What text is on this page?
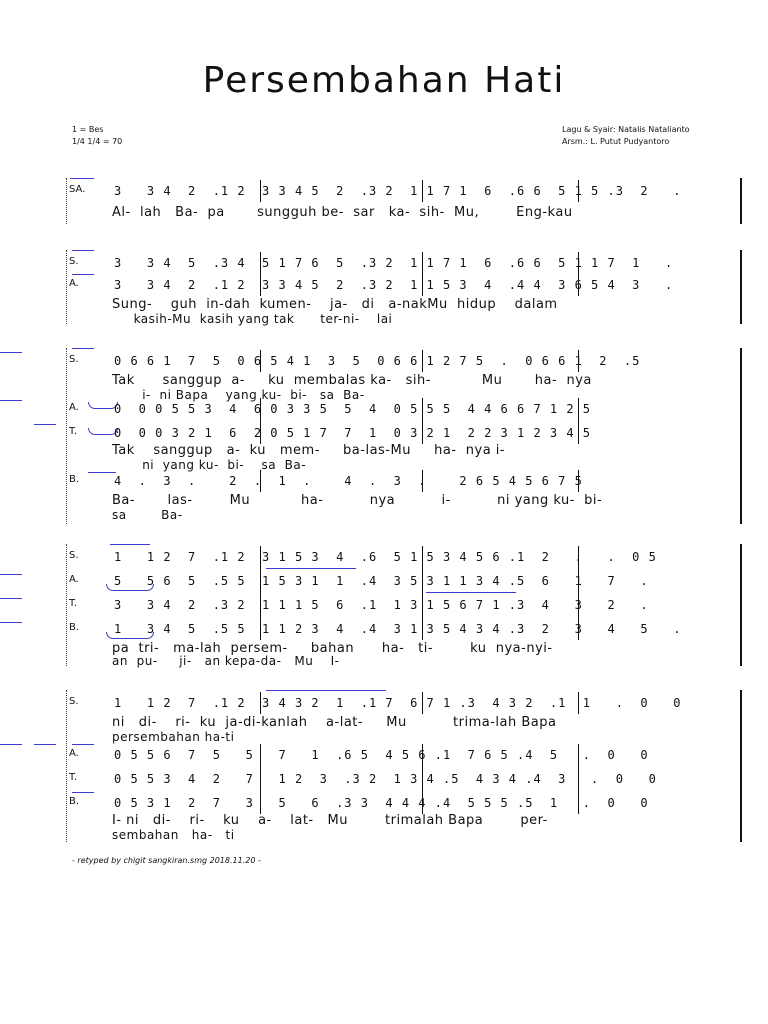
Persembahan Hati
1 = Bes
1/4 1/4 = 70
Lagu & Syair: Natalis Natalianto
Arsm.: L. Putut Pudyantoro
SA. 3   3 4  2  .1 2  3 3 4 5  2  .3 2  1 1 7 1  6  .6 6  5 1 5 .3  2   .
Al-  lah   Ba-  pa       sungguh be-  sar   ka-  sih-  Mu,        Eng-kau
S.	3   3 4  5  .3 4  5 1 7 6  5  .3 2  1 1 7 1  6  .6 6  5 1 1 7  1   .
A.	3   3 4  2  .1 2  3 3 4 5  2  .3 2  1 1 5 3  4  .4 4  3 6 5 4  3   .
Sung-    guh  in-dah  kumen-    ja-   di   a-nakMu  hidup    dalam
kasih-Mu  kasih yang tak      ter-ni-    lai
S.	0 6 6 1  7  5  0 6 5 4 1  3  5  0 6 6 1 2 7 5  .  0 6 6 1  2  .5
Tak      sanggup  a-     ku  membalas ka-   sih-           Mu       ha-  nya
i-  ni Bapa    yang ku-  bi-   sa  Ba-
A.	0  0 0 5 5 3  4  6 0 3 3 5  5  4  0 5 5 5  4 4 6 6 7 1 2 5
T.	0  0 0 3 2 1  6  2 0 5 1 7  7  1  0 3 2 1  2 2 3 1 2 3 4 5
Tak    sanggup   a-  ku   mem-     ba-las-Mu     ha-  nya i-
ni  yang ku-  bi-    sa  Ba-
B.	4  .  3  .    2  .  1  .    4  .  3  .    2 6 5 4 5 6 7 5
Ba-       las-        Mu           ha-          nya          i-          ni yang ku-  bi-
sa        Ba-
S.	1   1 2  7  .1 2  3 1 5 3  4  .6  5 1 5 3 4 5 6 .1  2   .   .  0 5
A.	5   5 6  5  .5 5  1 5 3 1  1  .4  3 5 3 1 1 3 4 .5  6   1   7   .
T.	3   3 4  2  .3 2  1 1 1 5  6  .1  1 3 1 5 6 7 1 .3  4   3   2   .
B.	1   3 4  5  .5 5  1 1 2 3  4  .4  3 1 3 5 4 3 4 .3  2   3   4   5   .
pa  tri-   ma-lah  persem-     bahan      ha-   ti-        ku  nya-nyi-
an  pu-     ji-   an kepa-da-   Mu    I-
S.	1   1 2  7  .1 2  3 4 3 2  1  .1 7  6 7 1 .3  4 3 2  .1  1   .  0   0
ni   di-    ri-  ku  ja-di-kanlah    a-lat-     Mu          trima-lah Bapa
persembahan ha-ti
A.	0 5 5 6  7  5   5   7   1  .6 5  4 5 6 .1  7 6 5 .4  5   .  0   0
T.	0 5 5 3  4  2   7   1 2  3  .3 2  1 3 4 .5  4 3 4 .4  3   .  0   0
B.	0 5 3 1  2  7   3   5   6  .3 3  4 4 4 .4  5 5 5 .5  1   .  0   0
I- ni   di-    ri-    ku    a-    lat-   Mu        trimalah Bapa        per-
sembahan   ha-   ti
- retyped by chigit sangkiran.smg 2018.11.20 -
